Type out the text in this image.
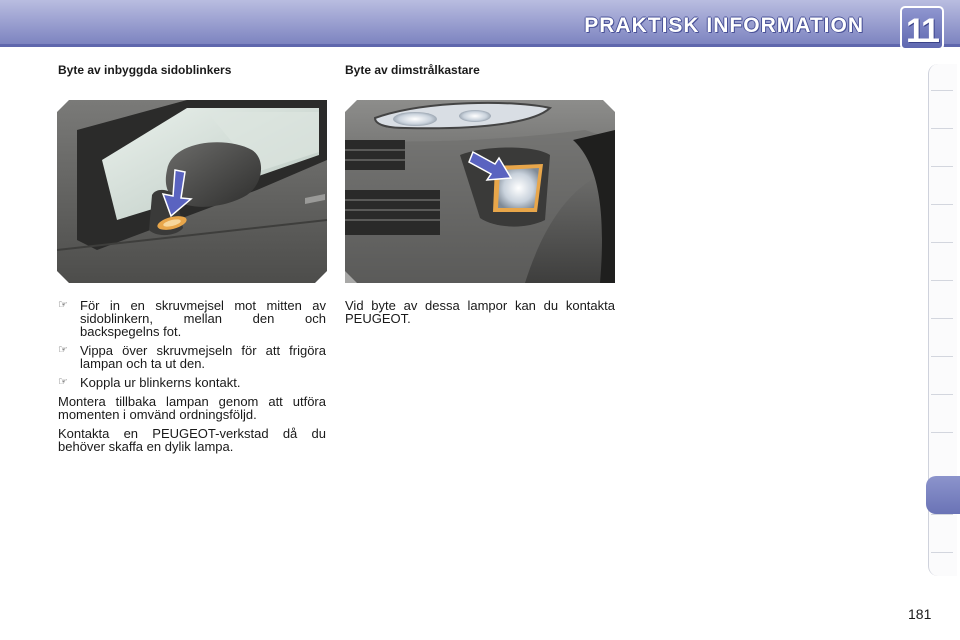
PRAKTISK INFORMATION 11
Byte av inbyggda sidoblinkers
☞ För in en skruvmejsel mot mitten av sidoblinkern, mellan den och backspegelns fot.
☞ Vippa över skruvmejseln för att frigöra lampan och ta ut den.
☞ Koppla ur blinkerns kontakt.
Montera tillbaka lampan genom att utföra momenten i omvänd ordningsföljd.
Kontakta en PEUGEOT-verkstad då du behöver skaffa en dylik lampa.
Byte av dimstrålkastare
Vid byte av dessa lampor kan du kontakta PEUGEOT.
181
